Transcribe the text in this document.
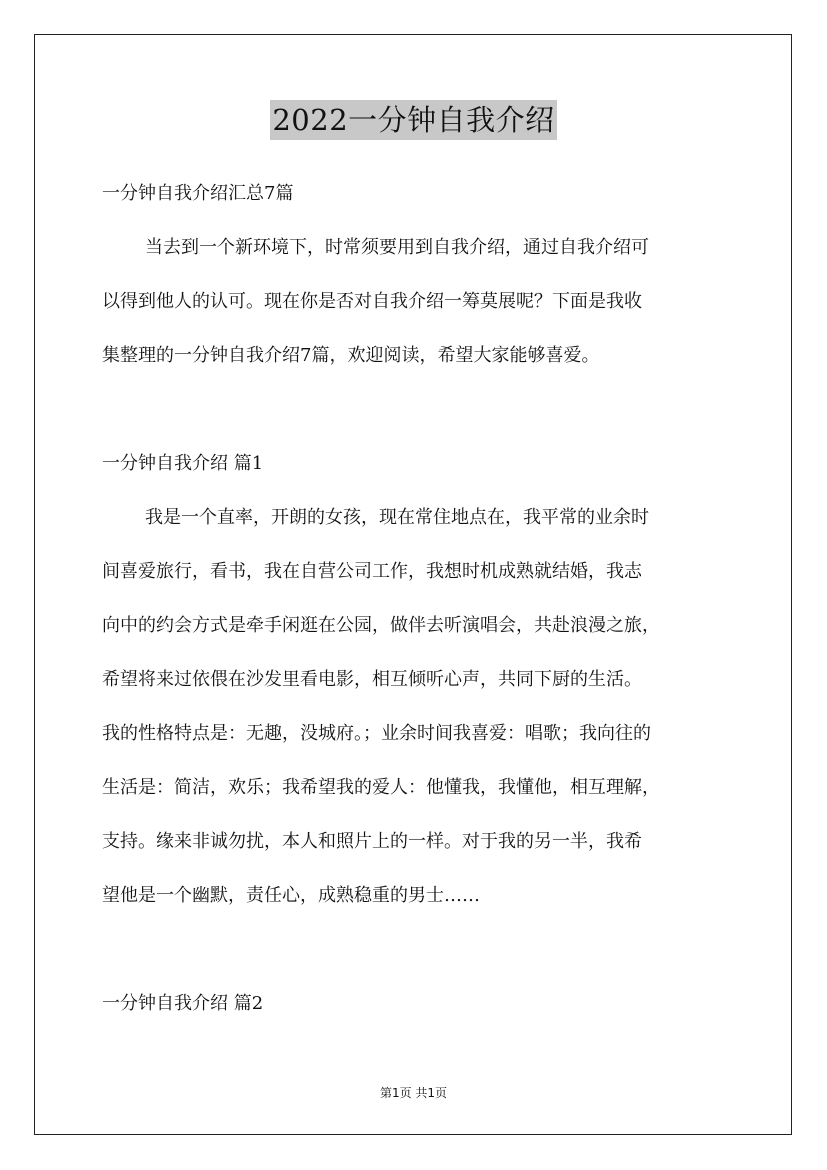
2022一分钟自我介绍
一分钟自我介绍汇总7篇
当去到一个新环境下，时常须要用到自我介绍，通过自我介绍可
以得到他人的认可。现在你是否对自我介绍一筹莫展呢？下面是我收
集整理的一分钟自我介绍7篇，欢迎阅读，希望大家能够喜爱。
一分钟自我介绍 篇1
我是一个直率，开朗的女孩，现在常住地点在，我平常的业余时
间喜爱旅行，看书，我在自营公司工作，我想时机成熟就结婚，我志
向中的约会方式是牵手闲逛在公园，做伴去听演唱会，共赴浪漫之旅，
希望将来过依偎在沙发里看电影，相互倾听心声，共同下厨的生活。
我的性格特点是：无趣，没城府。；业余时间我喜爱：唱歌；我向往的
生活是：简洁，欢乐；我希望我的爱人：他懂我，我懂他，相互理解，
支持。缘来非诚勿扰，本人和照片上的一样。对于我的另一半，我希
望他是一个幽默，责任心，成熟稳重的男士……
一分钟自我介绍 篇2
第1页 共1页
